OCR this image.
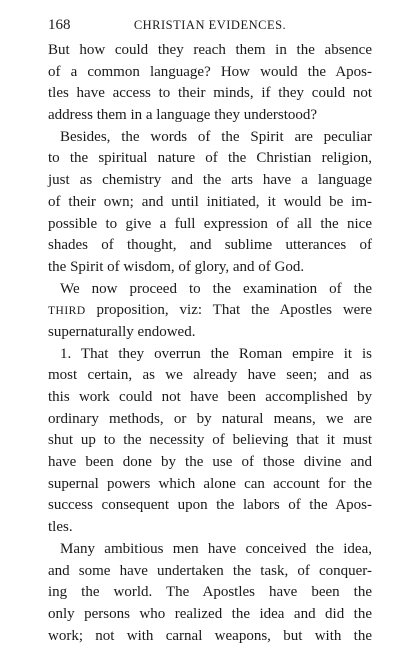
168	CHRISTIAN EVIDENCES.
But how could they reach them in the absence
of a common language? How would the Apos-
tles have access to their minds, if they could not
address them in a language they understood?
Besides, the words of the Spirit are peculiar
to the spiritual nature of the Christian religion,
just as chemistry and the arts have a language
of their own; and until initiated, it would be im-
possible to give a full expression of all the nice
shades of thought, and sublime utterances of
the Spirit of wisdom, of glory, and of God.
We now proceed to the examination of the
THIRD proposition, viz: That the Apostles were
supernaturally endowed.
1. That they overrun the Roman empire it is
most certain, as we already have seen; and as
this work could not have been accomplished by
ordinary methods, or by natural means, we are
shut up to the necessity of believing that it must
have been done by the use of those divine and
supernal powers which alone can account for the
success consequent upon the labors of the Apos-
tles.
Many ambitious men have conceived the idea,
and some have undertaken the task, of conquer-
ing the world. The Apostles have been the
only persons who realized the idea and did the
work; not with carnal weapons, but with the
